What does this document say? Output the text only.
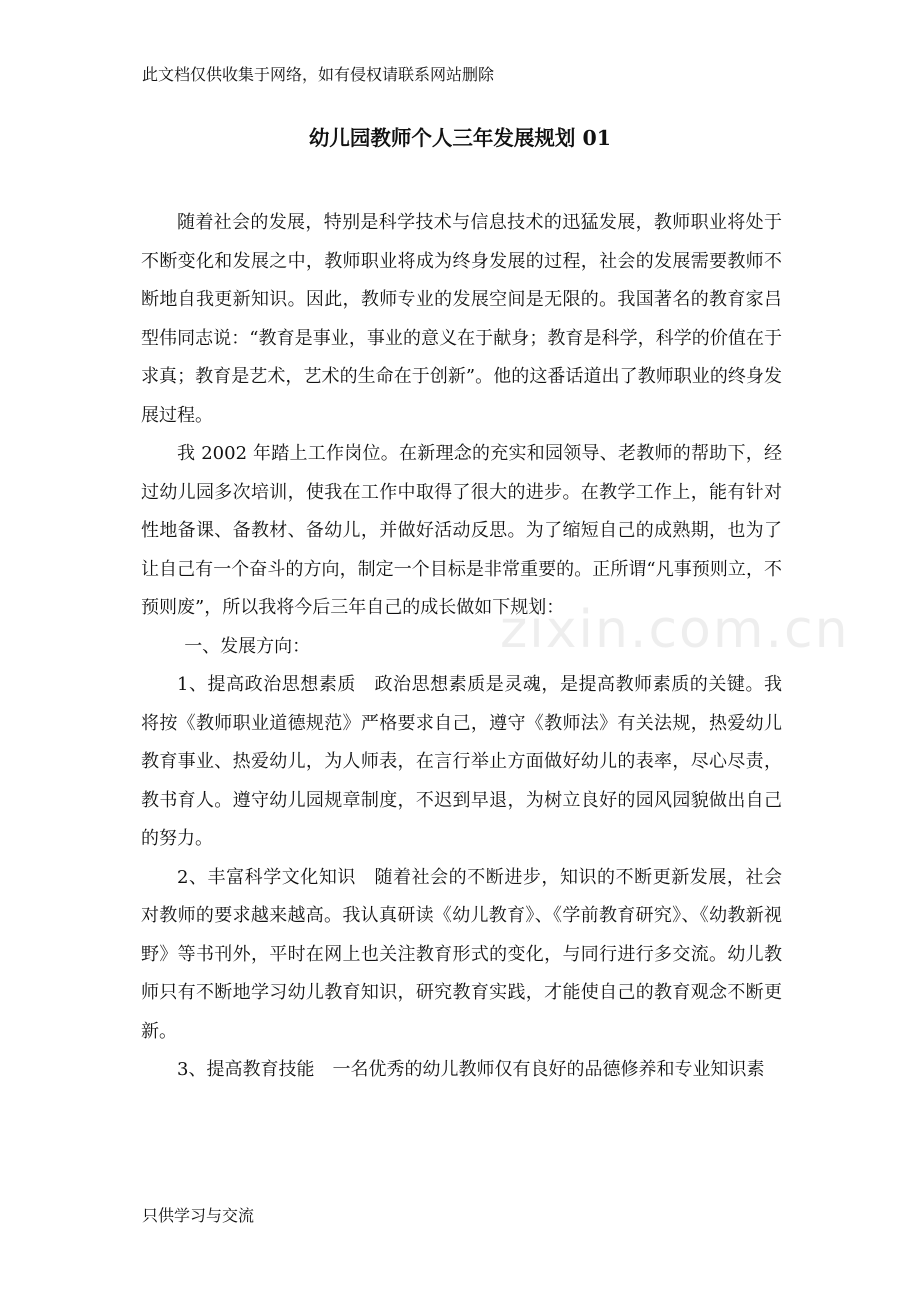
此文档仅供收集于网络，如有侵权请联系网站删除
幼儿园教师个人三年发展规划 01

随着社会的发展，特别是科学技术与信息技术的迅猛发展，教师职业将处于不断变化和发展之中，教师职业将成为终身发展的过程，社会的发展需要教师不断地自我更新知识。因此，教师专业的发展空间是无限的。我国著名的教育家吕型伟同志说：“教育是事业，事业的意义在于献身；教育是科学，科学的价值在于求真；教育是艺术，艺术的生命在于创新”。他的这番话道出了教师职业的终身发展过程。

我 2002 年踏上工作岗位。在新理念的充实和园领导、老教师的帮助下，经过幼儿园多次培训，使我在工作中取得了很大的进步。在教学工作上，能有针对性地备课、备教材、备幼儿，并做好活动反思。为了缩短自己的成熟期，也为了让自己有一个奋斗的方向，制定一个目标是非常重要的。正所谓“凡事预则立，不预则废”，所以我将今后三年自己的成长做如下规划：

一、发展方向：

1、提高政治思想素质　政治思想素质是灵魂，是提高教师素质的关键。我将按《教师职业道德规范》严格要求自己，遵守《教师法》有关法规，热爱幼儿教育事业、热爱幼儿，为人师表，在言行举止方面做好幼儿的表率，尽心尽责，教书育人。遵守幼儿园规章制度，不迟到早退，为树立良好的园风园貌做出自己的努力。

2、丰富科学文化知识　随着社会的不断进步，知识的不断更新发展，社会对教师的要求越来越高。我认真研读《幼儿教育》、《学前教育研究》、《幼教新视野》等书刊外，平时在网上也关注教育形式的变化，与同行进行多交流。幼儿教师只有不断地学习幼儿教育知识，研究教育实践，才能使自己的教育观念不断更新。

3、提高教育技能　一名优秀的幼儿教师仅有良好的品德修养和专业知识素

zixin.com.cn
只供学习与交流
